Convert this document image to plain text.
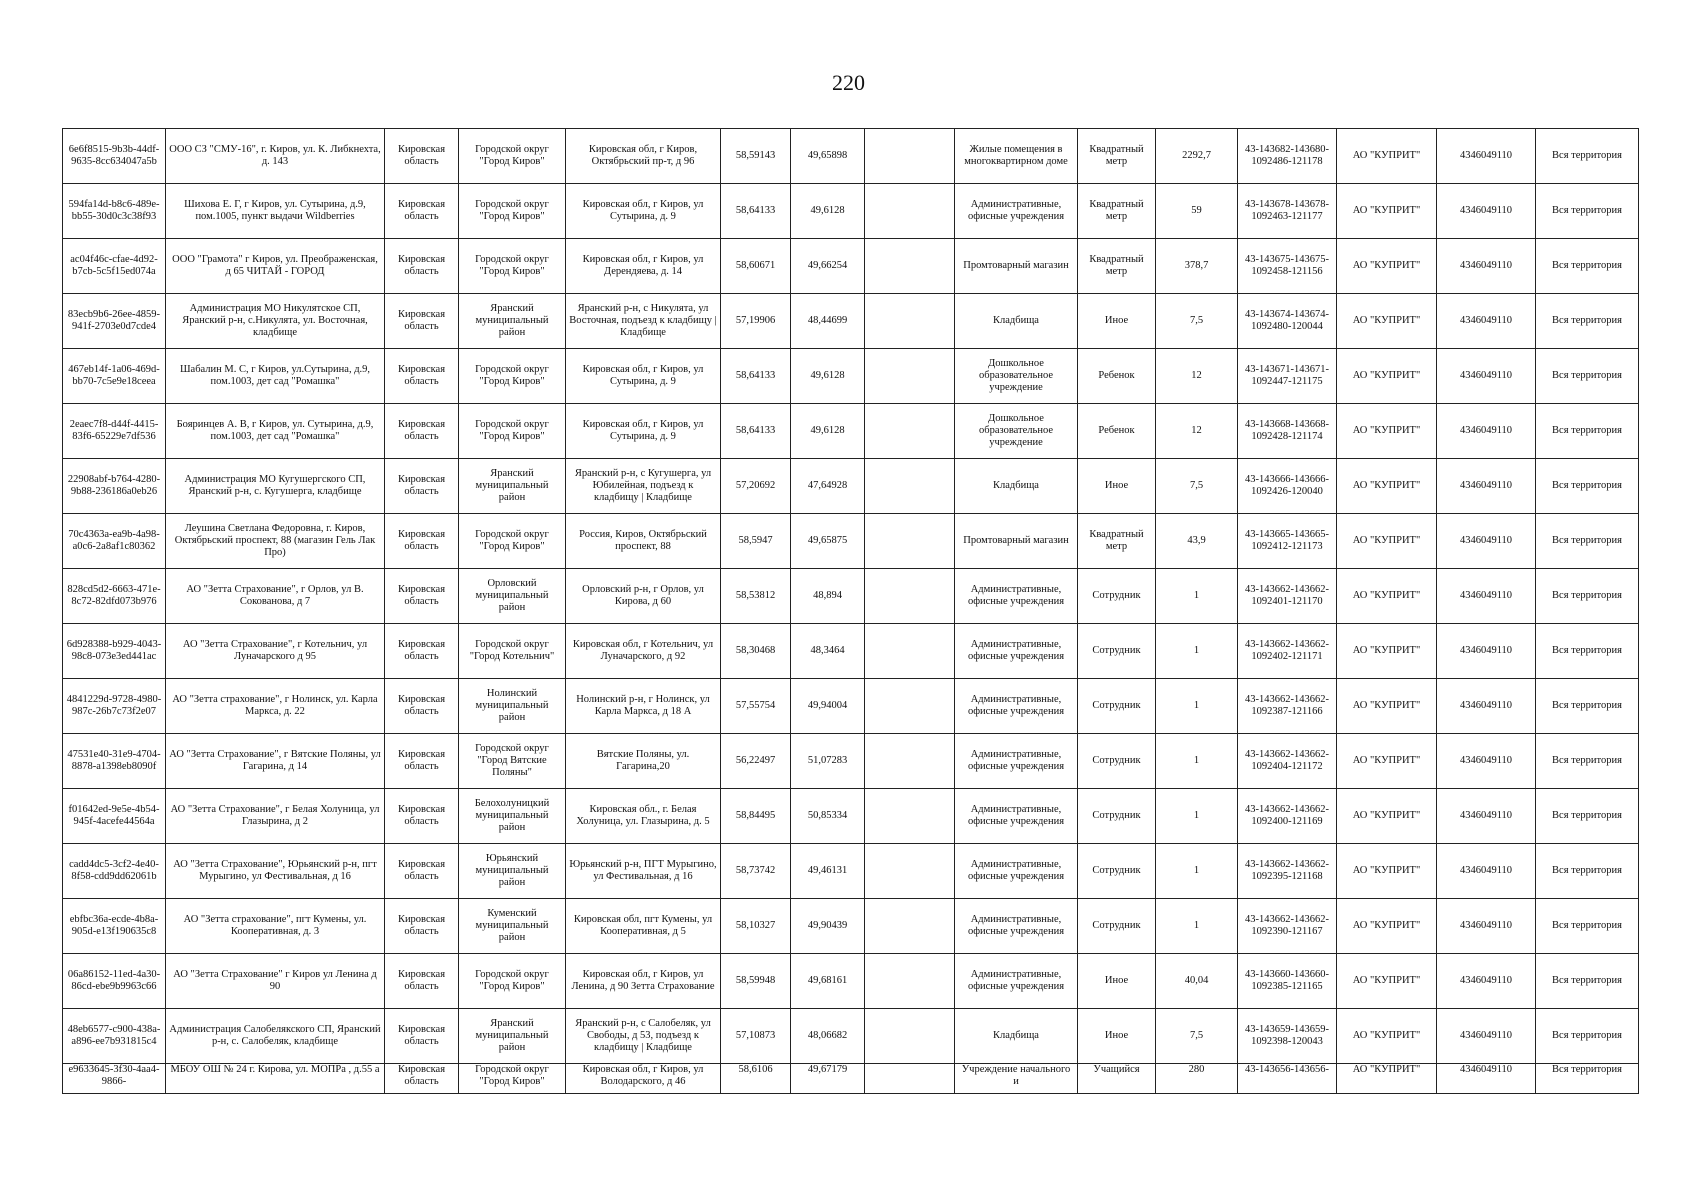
220
6e6f8515-9b3b-44df-9635-8cc634047a5b	ООО СЗ "СМУ-16", г. Киров, ул. К. Либкнехта, д. 143	Кировская область	Городской округ "Город Киров"	Кировская обл, г Киров, Октябрьский пр-т, д 96	58,59143	49,65898		Жилые помещения в многоквартирном доме	Квадратный метр	2292,7	43-143682-143680-1092486-121178	АО "КУПРИТ"	4346049110	Вся территория
594fa14d-b8c6-489e-bb55-30d0c3c38f93	Шихова Е. Г, г Киров, ул. Сутырина, д.9, пом.1005, пункт выдачи Wildberries	Кировская область	Городской округ "Город Киров"	Кировская обл, г Киров, ул Сутырина, д. 9	58,64133	49,6128		Административные, офисные учреждения	Квадратный метр	59	43-143678-143678-1092463-121177	АО "КУПРИТ"	4346049110	Вся территория
ac04f46c-cfae-4d92-b7cb-5c5f15ed074a	ООО "Грамота" г Киров, ул. Преображенская, д 65 ЧИТАЙ - ГОРОД	Кировская область	Городской округ "Город Киров"	Кировская обл, г Киров, ул Дерендяева, д. 14	58,60671	49,66254		Промтоварный магазин	Квадратный метр	378,7	43-143675-143675-1092458-121156	АО "КУПРИТ"	4346049110	Вся территория
83ecb9b6-26ee-4859-941f-2703e0d7cde4	Администрация МО Никулятское СП, Яранский р-н, с.Никулята, ул. Восточная, кладбище	Кировская область	Яранский муниципальный район	Яранский р-н, с Никулята, ул Восточная, подъезд к кладбищу | Кладбище	57,19906	48,44699		Кладбища	Иное	7,5	43-143674-143674-1092480-120044	АО "КУПРИТ"	4346049110	Вся территория
467eb14f-1a06-469d-bb70-7c5e9e18ceea	Шабалин М. С, г Киров, ул.Сутырина, д.9, пом.1003, дет сад "Ромашка"	Кировская область	Городской округ "Город Киров"	Кировская обл, г Киров, ул Сутырина, д. 9	58,64133	49,6128		Дошкольное образовательное учреждение	Ребенок	12	43-143671-143671-1092447-121175	АО "КУПРИТ"	4346049110	Вся территория
2eaec7f8-d44f-4415-83f6-65229e7df536	Бояринцев А. В, г Киров, ул. Сутырина, д.9, пом.1003, дет сад "Ромашка"	Кировская область	Городской округ "Город Киров"	Кировская обл, г Киров, ул Сутырина, д. 9	58,64133	49,6128		Дошкольное образовательное учреждение	Ребенок	12	43-143668-143668-1092428-121174	АО "КУПРИТ"	4346049110	Вся территория
22908abf-b764-4280-9b88-236186a0eb26	Администрация МО Кугушергского СП, Яранский р-н, с. Кугушерга, кладбище	Кировская область	Яранский муниципальный район	Яранский р-н, с Кугушерга, ул Юбилейная, подъезд к кладбищу | Кладбище	57,20692	47,64928		Кладбища	Иное	7,5	43-143666-143666-1092426-120040	АО "КУПРИТ"	4346049110	Вся территория
70c4363a-ea9b-4a98-a0c6-2a8af1c80362	Леушина Светлана Федоровна, г. Киров, Октябрьский проспект, 88 (магазин Гель Лак Про)	Кировская область	Городской округ "Город Киров"	Россия, Киров, Октябрьский проспект, 88	58,5947	49,65875		Промтоварный магазин	Квадратный метр	43,9	43-143665-143665-1092412-121173	АО "КУПРИТ"	4346049110	Вся территория
828cd5d2-6663-471e-8c72-82dfd073b976	АО "Зетта Страхование", г Орлов, ул В. Сокованова, д 7	Кировская область	Орловский муниципальный район	Орловский р-н, г Орлов, ул Кирова, д 60	58,53812	48,894		Административные, офисные учреждения	Сотрудник	1	43-143662-143662-1092401-121170	АО "КУПРИТ"	4346049110	Вся территория
6d928388-b929-4043-98c8-073e3ed441ac	АО "Зетта Страхование", г Котельнич, ул Луначарского д 95	Кировская область	Городской округ "Город Котельнич"	Кировская обл, г Котельнич, ул Луначарского, д 92	58,30468	48,3464		Административные, офисные учреждения	Сотрудник	1	43-143662-143662-1092402-121171	АО "КУПРИТ"	4346049110	Вся территория
4841229d-9728-4980-987c-26b7c73f2e07	АО "Зетта страхование", г Нолинск, ул. Карла Маркса, д. 22	Кировская область	Нолинский муниципальный район	Нолинский р-н, г Нолинск, ул Карла Маркса, д 18 А	57,55754	49,94004		Административные, офисные учреждения	Сотрудник	1	43-143662-143662-1092387-121166	АО "КУПРИТ"	4346049110	Вся территория
47531e40-31e9-4704-8878-a1398eb8090f	АО "Зетта Страхование", г Вятские Поляны, ул Гагарина, д 14	Кировская область	Городской округ "Город Вятские Поляны"	Вятские Поляны, ул. Гагарина,20	56,22497	51,07283		Административные, офисные учреждения	Сотрудник	1	43-143662-143662-1092404-121172	АО "КУПРИТ"	4346049110	Вся территория
f01642ed-9e5e-4b54-945f-4acefe44564a	АО "Зетта Страхование", г Белая Холуница, ул Глазырина, д 2	Кировская область	Белохолуницкий муниципальный район	Кировская обл., г. Белая Холуница, ул. Глазырина, д. 5	58,84495	50,85334		Административные, офисные учреждения	Сотрудник	1	43-143662-143662-1092400-121169	АО "КУПРИТ"	4346049110	Вся территория
cadd4dc5-3cf2-4e40-8f58-cdd9dd62061b	АО "Зетта Страхование", Юрьянский р-н, пгт Мурыгино, ул Фестивальная, д 16	Кировская область	Юрьянский муниципальный район	Юрьянский р-н, ПГТ Мурыгино, ул Фестивальная, д 16	58,73742	49,46131		Административные, офисные учреждения	Сотрудник	1	43-143662-143662-1092395-121168	АО "КУПРИТ"	4346049110	Вся территория
ebfbc36a-ecde-4b8a-905d-e13f190635c8	АО "Зетта страхование", пгт Кумены, ул. Кооперативная, д. 3	Кировская область	Куменский муниципальный район	Кировская обл, пгт Кумены, ул Кооперативная, д 5	58,10327	49,90439		Административные, офисные учреждения	Сотрудник	1	43-143662-143662-1092390-121167	АО "КУПРИТ"	4346049110	Вся территория
06a86152-11ed-4a30-86cd-ebe9b9963c66	АО "Зетта Страхование" г Киров ул Ленина д 90	Кировская область	Городской округ "Город Киров"	Кировская обл, г Киров, ул Ленина, д 90 Зетта Страхование	58,59948	49,68161		Административные, офисные учреждения	Иное	40,04	43-143660-143660-1092385-121165	АО "КУПРИТ"	4346049110	Вся территория
48eb6577-c900-438a-a896-ee7b931815c4	Администрация Салобелякского СП, Яранский р-н, с. Салобеляк, кладбище	Кировская область	Яранский муниципальный район	Яранский р-н, с Салобеляк, ул Свободы, д 53, подъезд к кладбищу | Кладбище	57,10873	48,06682		Кладбища	Иное	7,5	43-143659-143659-1092398-120043	АО "КУПРИТ"	4346049110	Вся территория
e9633645-3f30-4aa4-9866-	МБОУ ОШ № 24 г. Кирова, ул. МОПРа , д.55 а	Кировская область	Городской округ "Город Киров"	Кировская обл, г Киров, ул Володарского, д 46	58,6106	49,67179		Учреждение начального и	Учащийся	280	43-143656-143656-	АО "КУПРИТ"	4346049110	Вся территория
